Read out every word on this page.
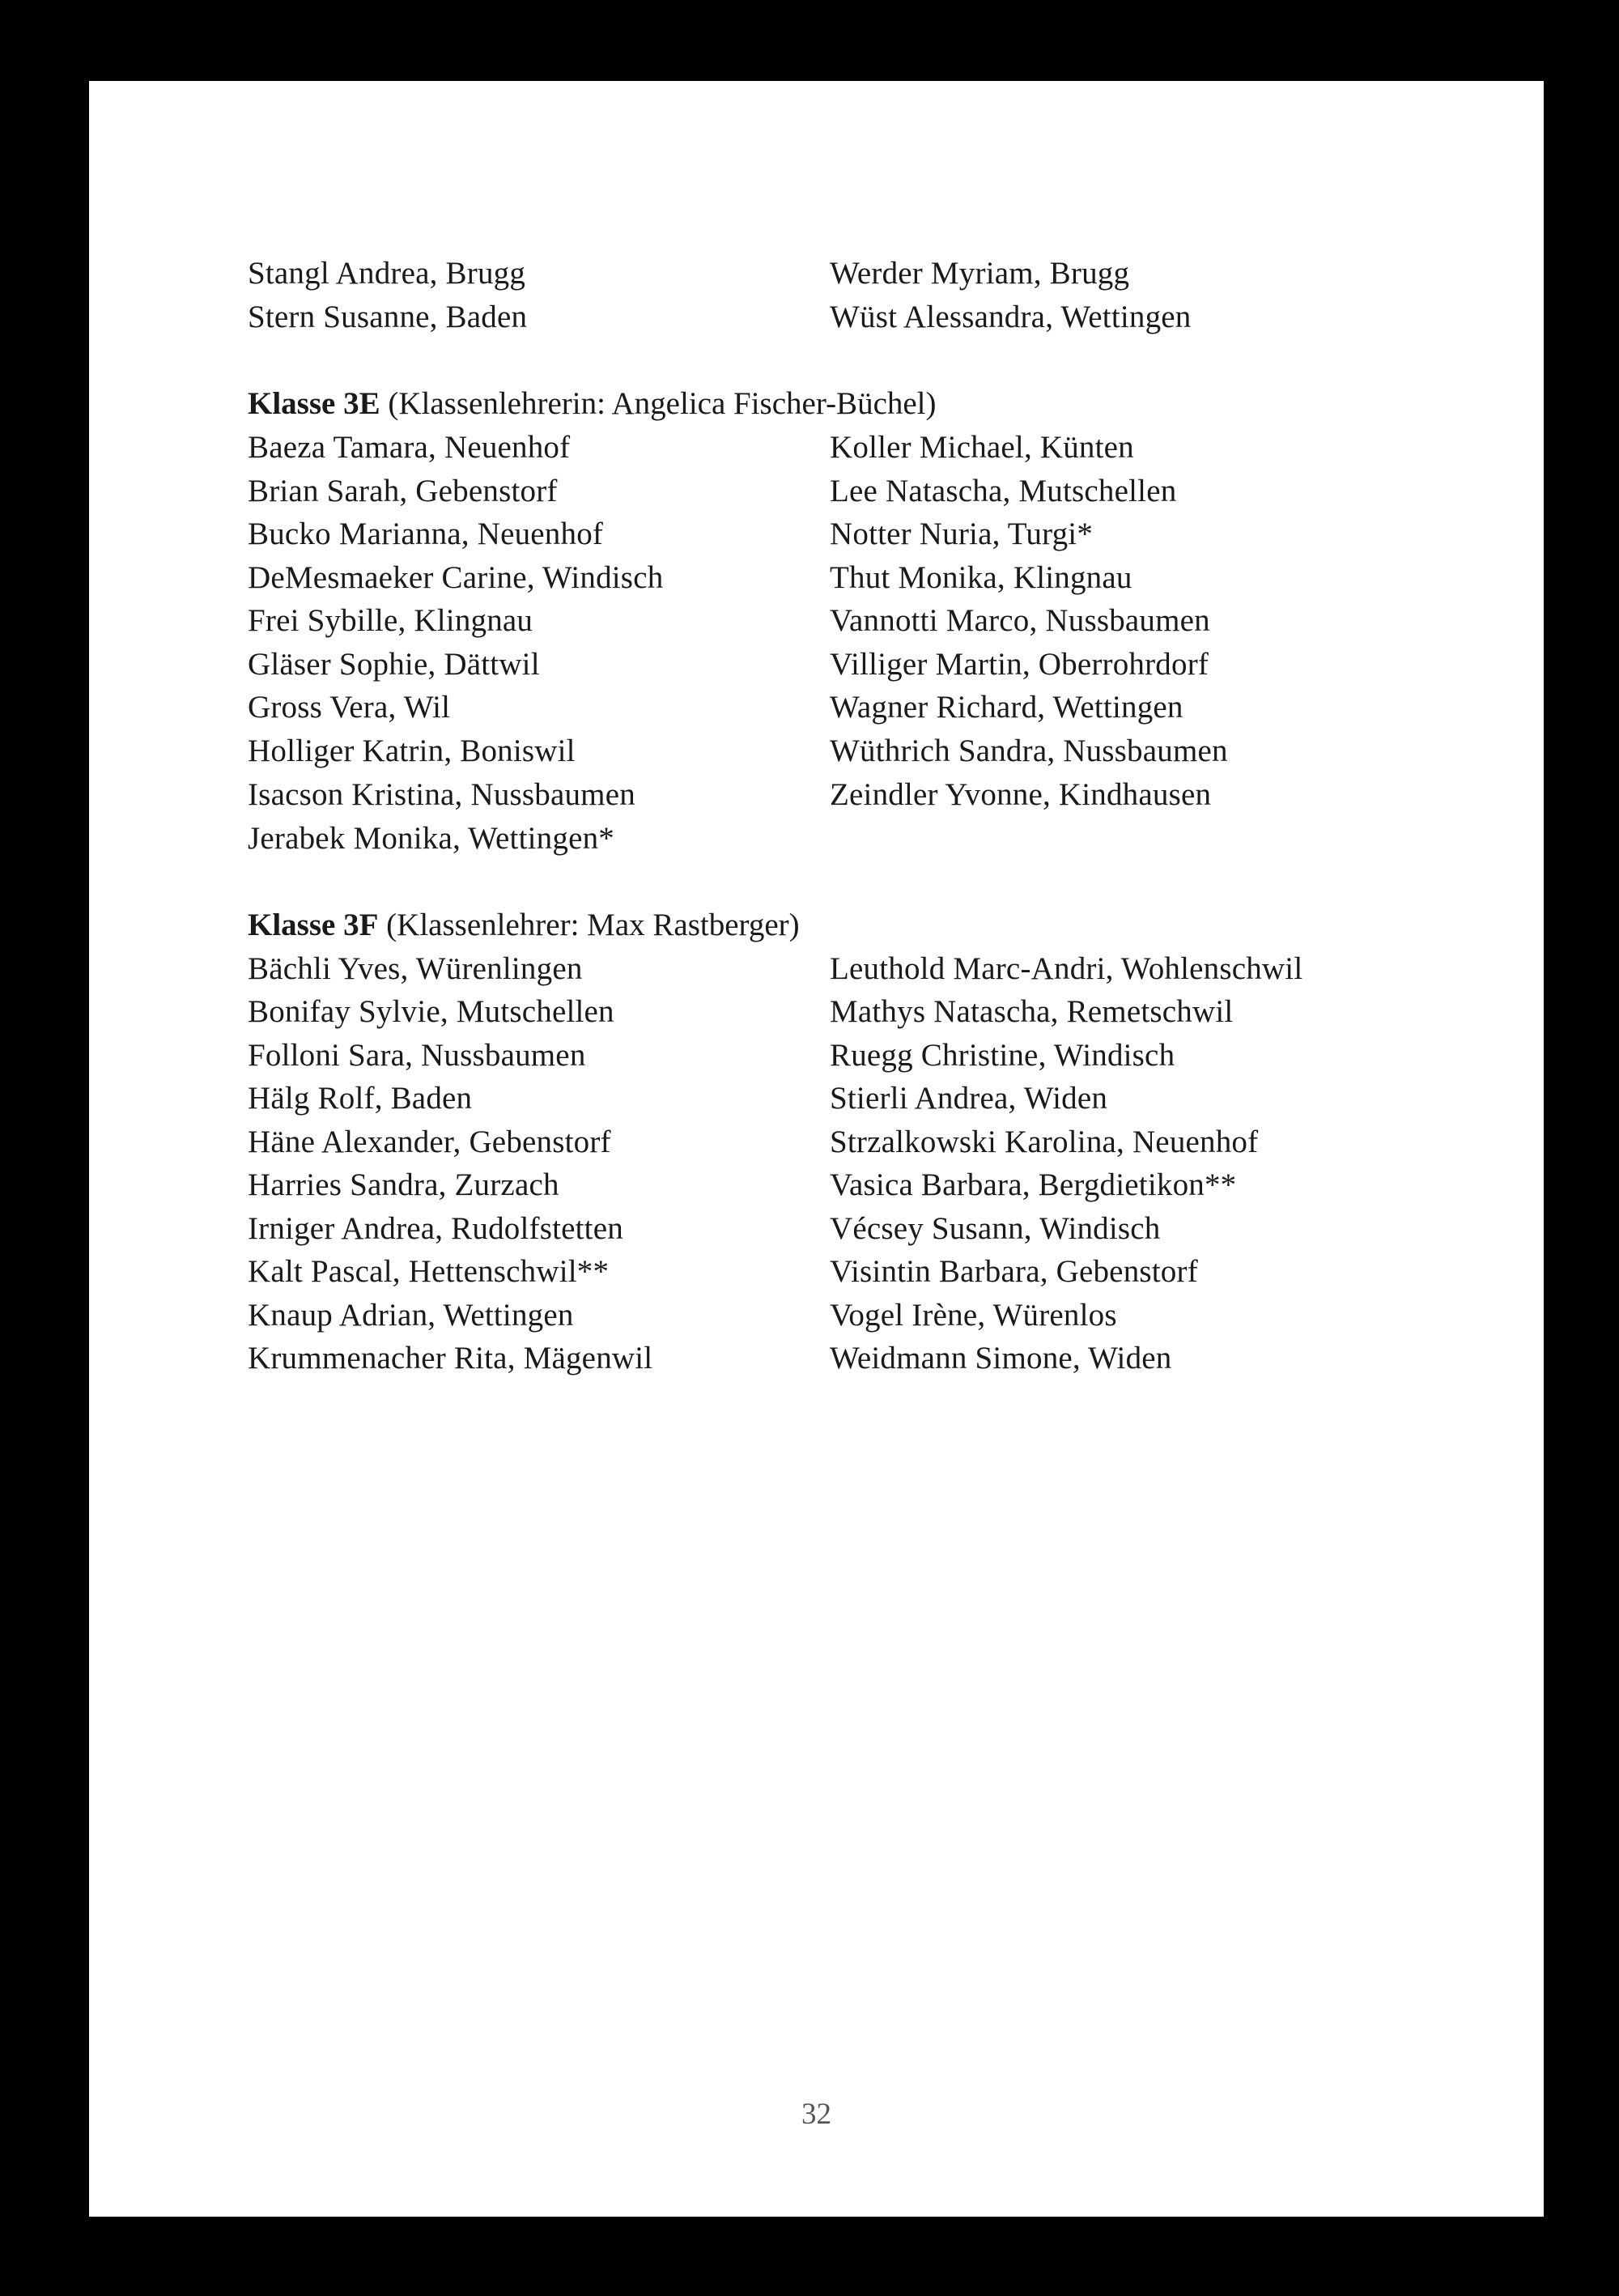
Stangl Andrea, Brugg
Stern Susanne, Baden
Werder Myriam, Brugg
Wüst Alessandra, Wettingen
Klasse 3E (Klassenlehrerin: Angelica Fischer-Büchel)
Baeza Tamara, Neuenhof
Brian Sarah, Gebenstorf
Bucko Marianna, Neuenhof
DeMesmaeker Carine, Windisch
Frei Sybille, Klingnau
Gläser Sophie, Dättwil
Gross Vera, Wil
Holliger Katrin, Boniswil
Isacson Kristina, Nussbaumen
Jerabek Monika, Wettingen*
Koller Michael, Künten
Lee Natascha, Mutschellen
Notter Nuria, Turgi*
Thut Monika, Klingnau
Vannotti Marco, Nussbaumen
Villiger Martin, Oberrohrdorf
Wagner Richard, Wettingen
Wüthrich Sandra, Nussbaumen
Zeindler Yvonne, Kindhausen
Klasse 3F (Klassenlehrer: Max Rastberger)
Bächli Yves, Würenlingen
Bonifay Sylvie, Mutschellen
Folloni Sara, Nussbaumen
Hälg Rolf, Baden
Häne Alexander, Gebenstorf
Harries Sandra, Zurzach
Irniger Andrea, Rudolfstetten
Kalt Pascal, Hettenschwil**
Knaup Adrian, Wettingen
Krummenacher Rita, Mägenwil
Leuthold Marc-Andri, Wohlenschwil
Mathys Natascha, Remetschwil
Ruegg Christine, Windisch
Stierli Andrea, Widen
Strzalkowski Karolina, Neuenhof
Vasica Barbara, Bergdietikon**
Vécsey Susann, Windisch
Visintin Barbara, Gebenstorf
Vogel Irène, Würenlos
Weidmann Simone, Widen
32
